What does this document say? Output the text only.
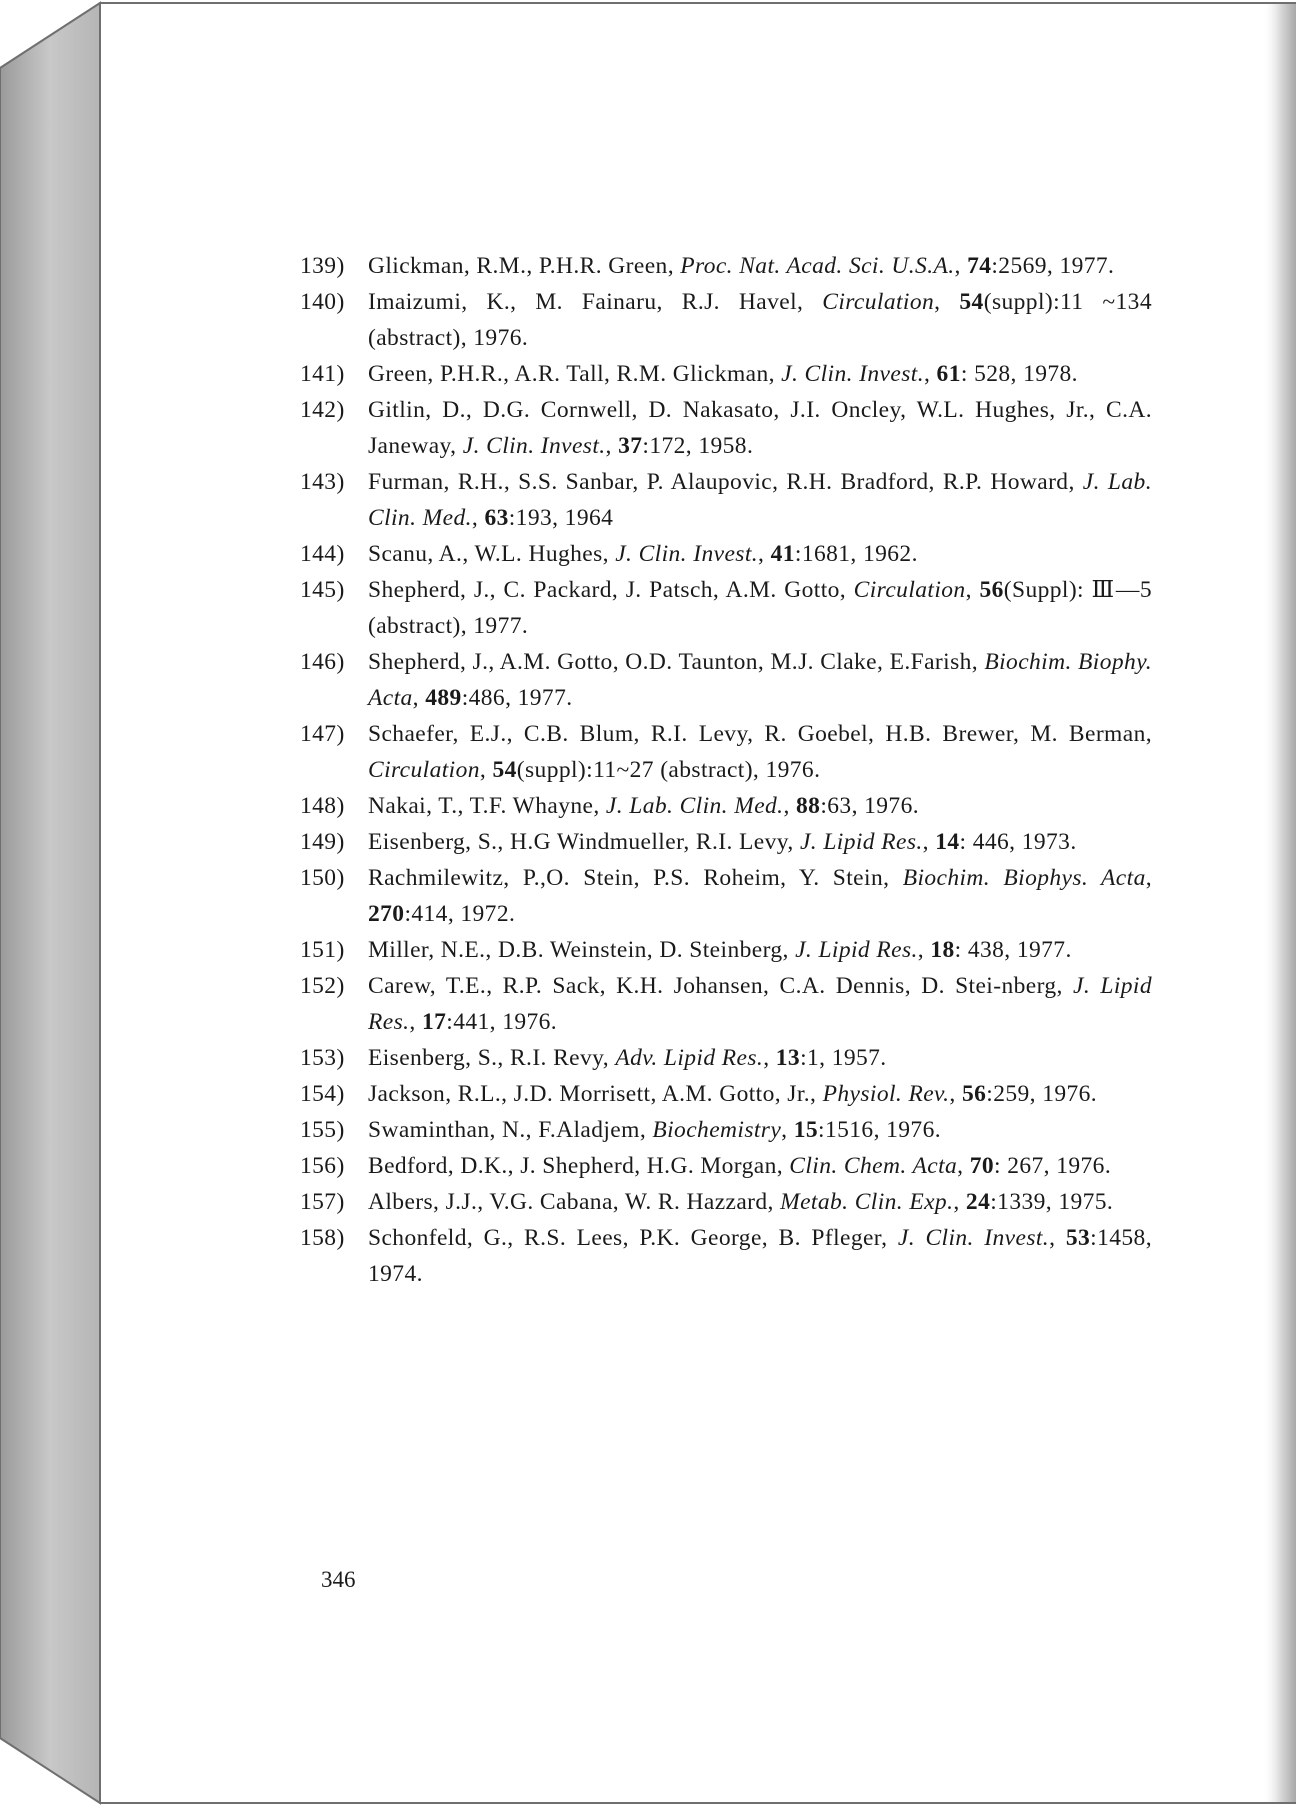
139) Glickman, R.M., P.H.R. Green, Proc. Nat. Acad. Sci. U.S.A., 74:2569, 1977.
140) Imaizumi, K., M. Fainaru, R.J. Havel, Circulation, 54(suppl):11 ~134 (abstract), 1976.
141) Green, P.H.R., A.R. Tall, R.M. Glickman, J. Clin. Invest., 61: 528, 1978.
142) Gitlin, D., D.G. Cornwell, D. Nakasato, J.I. Oncley, W.L. Hughes, Jr., C.A. Janeway, J. Clin. Invest., 37:172, 1958.
143) Furman, R.H., S.S. Sanbar, P. Alaupovic, R.H. Bradford, R.P. Howard, J. Lab. Clin. Med., 63:193, 1964
144) Scanu, A., W.L. Hughes, J. Clin. Invest., 41:1681, 1962.
145) Shepherd, J., C. Packard, J. Patsch, A.M. Gotto, Circulation, 56(Suppl): Ⅲ—5 (abstract), 1977.
146) Shepherd, J., A.M. Gotto, O.D. Taunton, M.J. Clake, E.Farish, Biochim. Biophy. Acta, 489:486, 1977.
147) Schaefer, E.J., C.B. Blum, R.I. Levy, R. Goebel, H.B. Brewer, M. Berman, Circulation, 54(suppl):11~27 (abstract), 1976.
148) Nakai, T., T.F. Whayne, J. Lab. Clin. Med., 88:63, 1976.
149) Eisenberg, S., H.G Windmueller, R.I. Levy, J. Lipid Res., 14: 446, 1973.
150) Rachmilewitz, P.,O. Stein, P.S. Roheim, Y. Stein, Biochim. Biophys. Acta, 270:414, 1972.
151) Miller, N.E., D.B. Weinstein, D. Steinberg, J. Lipid Res., 18: 438, 1977.
152) Carew, T.E., R.P. Sack, K.H. Johansen, C.A. Dennis, D. Stei-nberg, J. Lipid Res., 17:441, 1976.
153) Eisenberg, S., R.I. Revy, Adv. Lipid Res., 13:1, 1957.
154) Jackson, R.L., J.D. Morrisett, A.M. Gotto, Jr., Physiol. Rev., 56:259, 1976.
155) Swaminthan, N., F.Aladjem, Biochemistry, 15:1516, 1976.
156) Bedford, D.K., J. Shepherd, H.G. Morgan, Clin. Chem. Acta, 70: 267, 1976.
157) Albers, J.J., V.G. Cabana, W. R. Hazzard, Metab. Clin. Exp., 24:1339, 1975.
158) Schonfeld, G., R.S. Lees, P.K. George, B. Pfleger, J. Clin. Invest., 53:1458, 1974.
346
